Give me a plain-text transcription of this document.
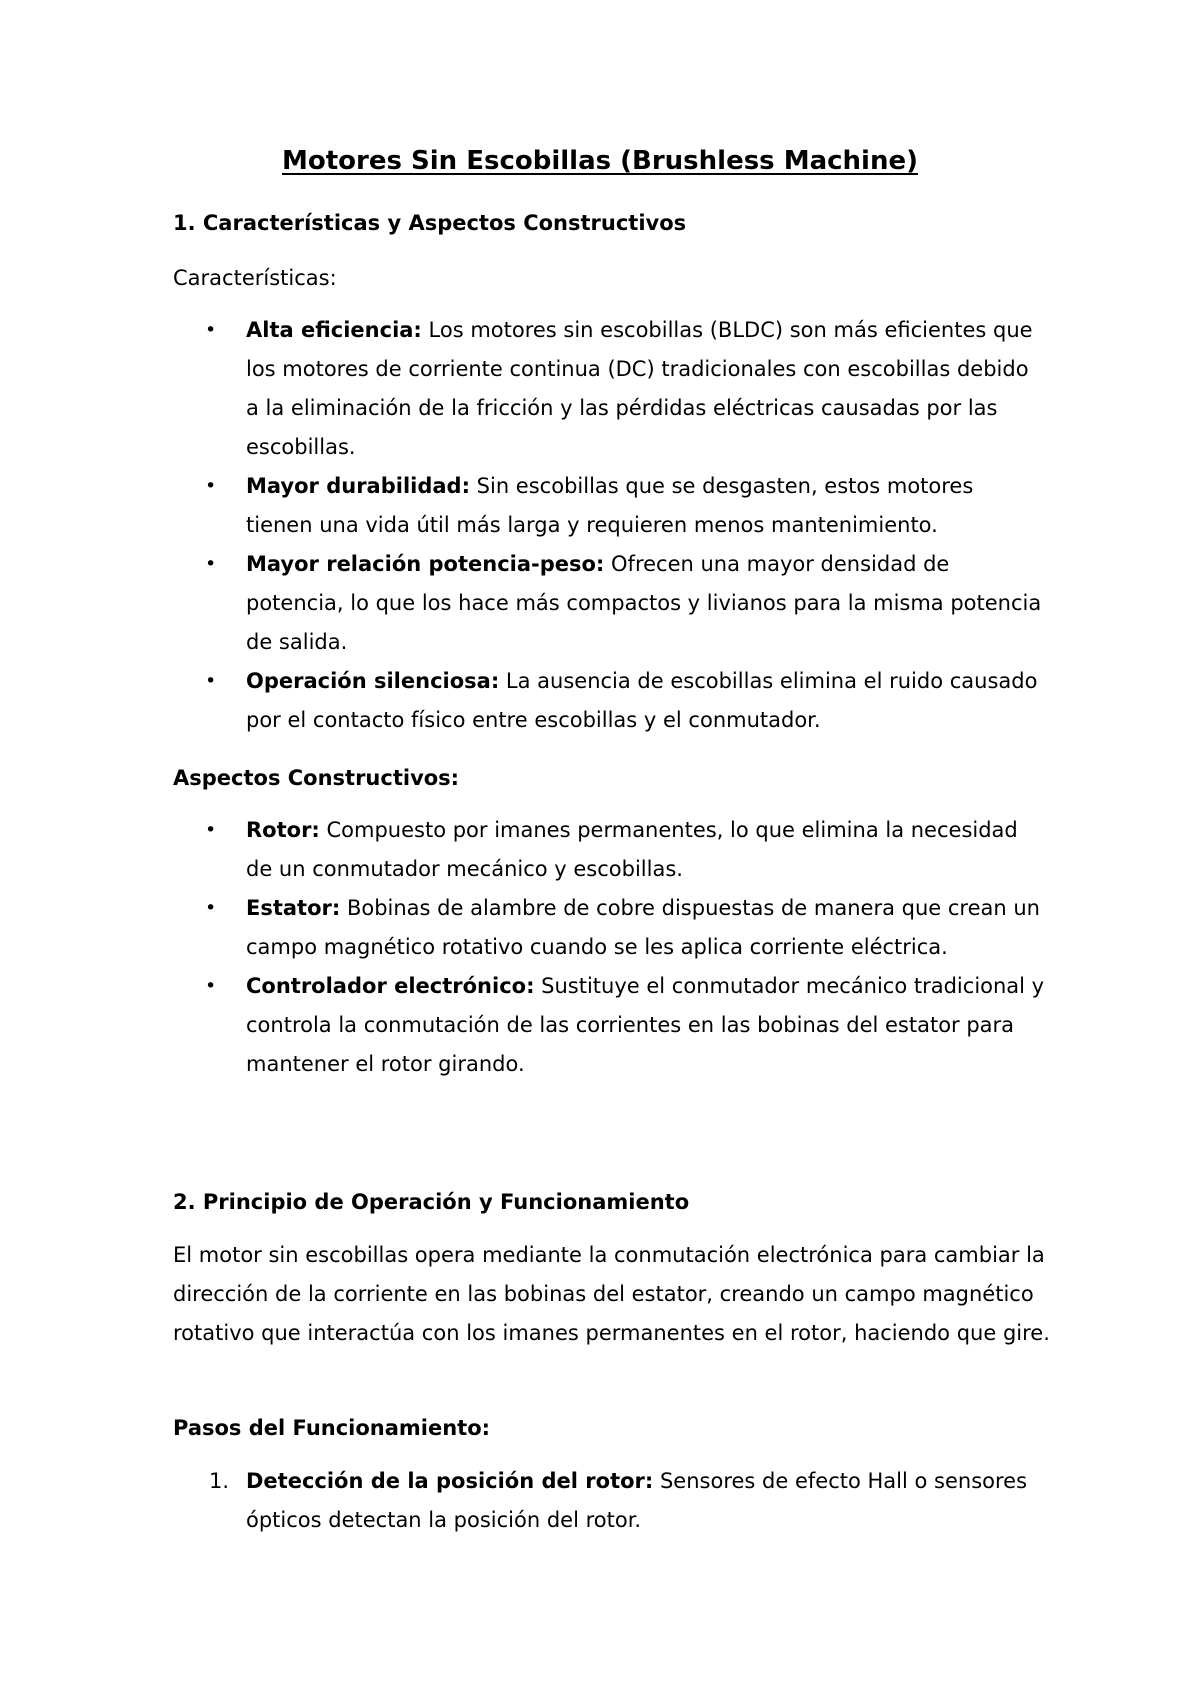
Motores Sin Escobillas (Brushless Machine)

1. Características y Aspectos Constructivos

Características:

• Alta eficiencia: Los motores sin escobillas (BLDC) son más eficientes que los motores de corriente continua (DC) tradicionales con escobillas debido a la eliminación de la fricción y las pérdidas eléctricas causadas por las escobillas.
• Mayor durabilidad: Sin escobillas que se desgasten, estos motores tienen una vida útil más larga y requieren menos mantenimiento.
• Mayor relación potencia-peso: Ofrecen una mayor densidad de potencia, lo que los hace más compactos y livianos para la misma potencia de salida.
• Operación silenciosa: La ausencia de escobillas elimina el ruido causado por el contacto físico entre escobillas y el conmutador.

Aspectos Constructivos:

• Rotor: Compuesto por imanes permanentes, lo que elimina la necesidad de un conmutador mecánico y escobillas.
• Estator: Bobinas de alambre de cobre dispuestas de manera que crean un campo magnético rotativo cuando se les aplica corriente eléctrica.
• Controlador electrónico: Sustituye el conmutador mecánico tradicional y controla la conmutación de las corrientes en las bobinas del estator para mantener el rotor girando.

2. Principio de Operación y Funcionamiento

El motor sin escobillas opera mediante la conmutación electrónica para cambiar la dirección de la corriente en las bobinas del estator, creando un campo magnético rotativo que interactúa con los imanes permanentes en el rotor, haciendo que gire.

Pasos del Funcionamiento:

1. Detección de la posición del rotor: Sensores de efecto Hall o sensores ópticos detectan la posición del rotor.
